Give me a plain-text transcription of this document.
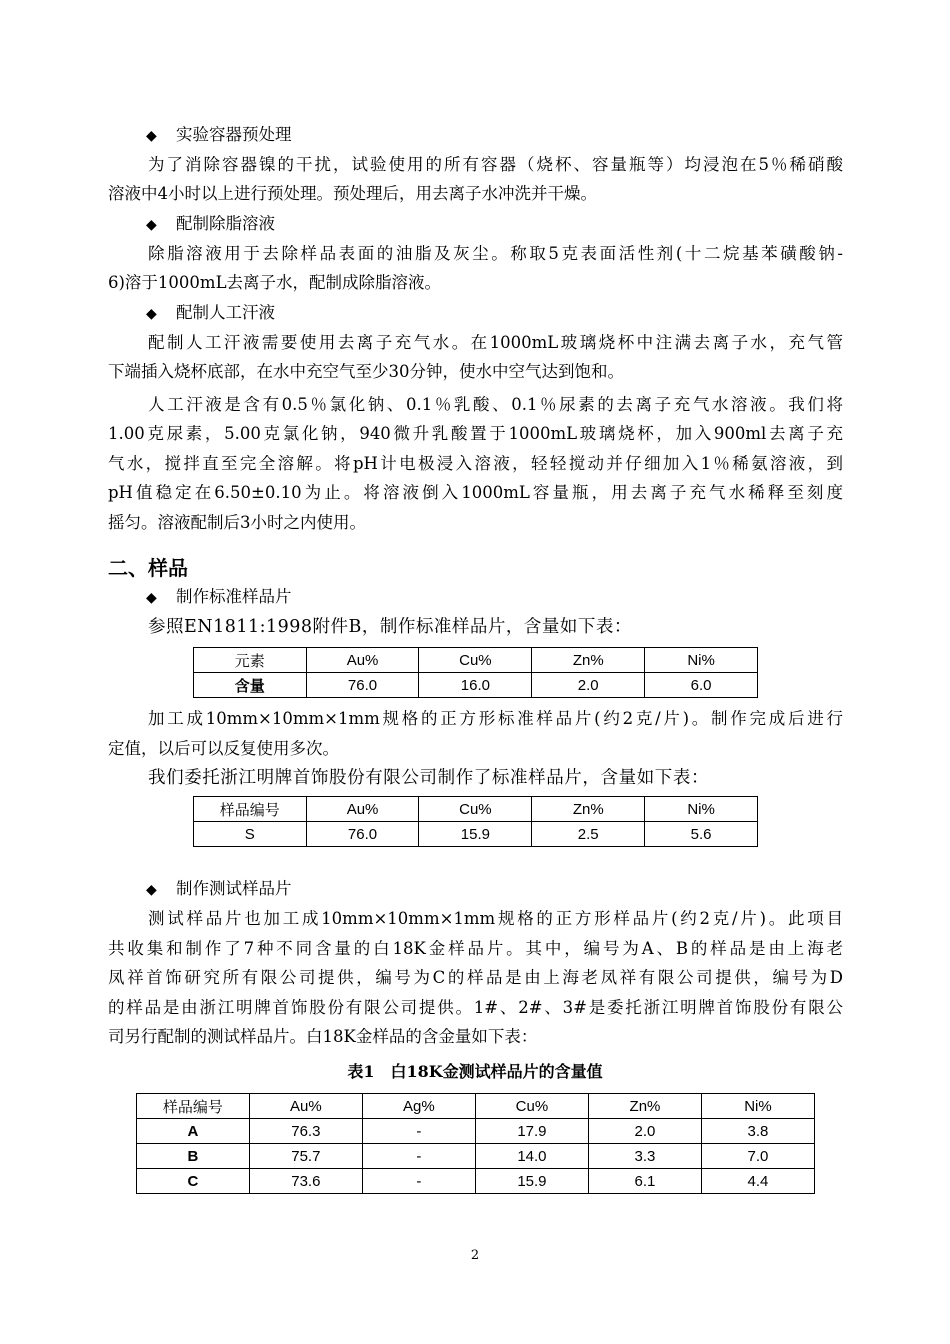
◆ 实验容器预处理
为了消除容器镍的干扰，试验使用的所有容器（烧杯、容量瓶等）均浸泡在5％稀硝酸
溶液中4小时以上进行预处理。预处理后，用去离子水冲洗并干燥。
◆ 配制除脂溶液
除脂溶液用于去除样品表面的油脂及灰尘。称取5克表面活性剂(十二烷基苯磺酸钠-
6)溶于1000mL去离子水，配制成除脂溶液。
◆ 配制人工汗液
配制人工汗液需要使用去离子充气水。在1000mL玻璃烧杯中注满去离子水，充气管
下端插入烧杯底部，在水中充空气至少30分钟，使水中空气达到饱和。
人工汗液是含有0.5％氯化钠、0.1％乳酸、0.1％尿素的去离子充气水溶液。我们将
1.00克尿素，5.00克氯化钠，940微升乳酸置于1000mL玻璃烧杯，加入900ml去离子充
气水，搅拌直至完全溶解。将pH计电极浸入溶液，轻轻搅动并仔细加入1％稀氨溶液，到
pH值稳定在6.50±0.10为止。将溶液倒入1000mL容量瓶，用去离子充气水稀释至刻度
摇匀。溶液配制后3小时之内使用。
二、样品
◆ 制作标准样品片
参照EN1811:1998附件B，制作标准样品片，含量如下表：
元素	Au%	Cu%	Zn%	Ni%
含量	76.0	16.0	2.0	6.0
加工成10mm×10mm×1mm规格的正方形标准样品片(约2克/片)。制作完成后进行
定值，以后可以反复使用多次。
我们委托浙江明牌首饰股份有限公司制作了标准样品片，含量如下表：
样品编号	Au%	Cu%	Zn%	Ni%
S	76.0	15.9	2.5	5.6
◆ 制作测试样品片
测试样品片也加工成10mm×10mm×1mm规格的正方形样品片(约2克/片)。此项目
共收集和制作了7种不同含量的白18K金样品片。其中，编号为A、B的样品是由上海老
凤祥首饰研究所有限公司提供，编号为C的样品是由上海老凤祥有限公司提供，编号为D
的样品是由浙江明牌首饰股份有限公司提供。1#、2#、3#是委托浙江明牌首饰股份有限公
司另行配制的测试样品片。白18K金样品的含金量如下表：
表1　白18K金测试样品片的含量值
样品编号	Au%	Ag%	Cu%	Zn%	Ni%
A	76.3	-	17.9	2.0	3.8
B	75.7	-	14.0	3.3	7.0
C	73.6	-	15.9	6.1	4.4
2
